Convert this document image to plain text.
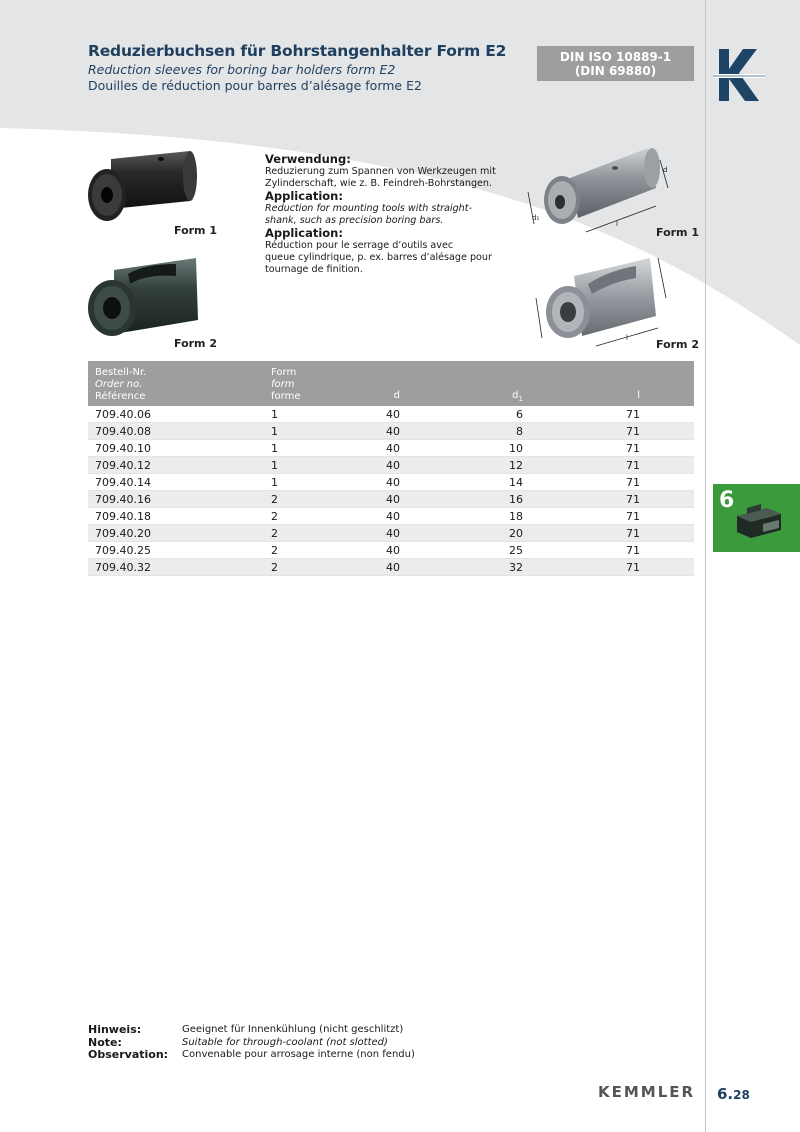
Reduzierbuchsen für Bohrstangenhalter Form E2
Reduction sleeves for boring bar holders form E2
Douilles de réduction pour barres d’alésage forme E2
DIN ISO 10889-1
(DIN 69880)
Form 1
Form 2
Verwendung:
Reduzierung zum Spannen von Werkzeugen mit
Zylinderschaft, wie z. B. Feindreh-Bohrstangen.
Application:
Reduction for mounting tools with straight-
shank, such as precision boring bars.
Application:
Réduction pour le serrage d’outils avec
queue cylindrique, p. ex. barres d’alésage pour
tournage de finition.
d
d₁
l
Form 1
l	Form 2
Bestell-Nr.
Order no.
Référence
Form
form
forme	d	$d_1$	l
709.40.06	1	40	6	71
709.40.08	1	40	8	71
709.40.10	1	40	10	71
709.40.12	1	40	12	71
709.40.14	1	40	14	71
709.40.16	2	40	16	71
709.40.18	2	40	18	71
709.40.20	2	40	20	71
709.40.25	2	40	25	71
709.40.32	2	40	32	71
6
Hinweis:	Geeignet für Innenkühlung (nicht geschlitzt)
Note:	Suitable for through-coolant (not slotted)
Observation:	Convenable pour arrosage interne (non fendu)
KEMMLER 6.28
